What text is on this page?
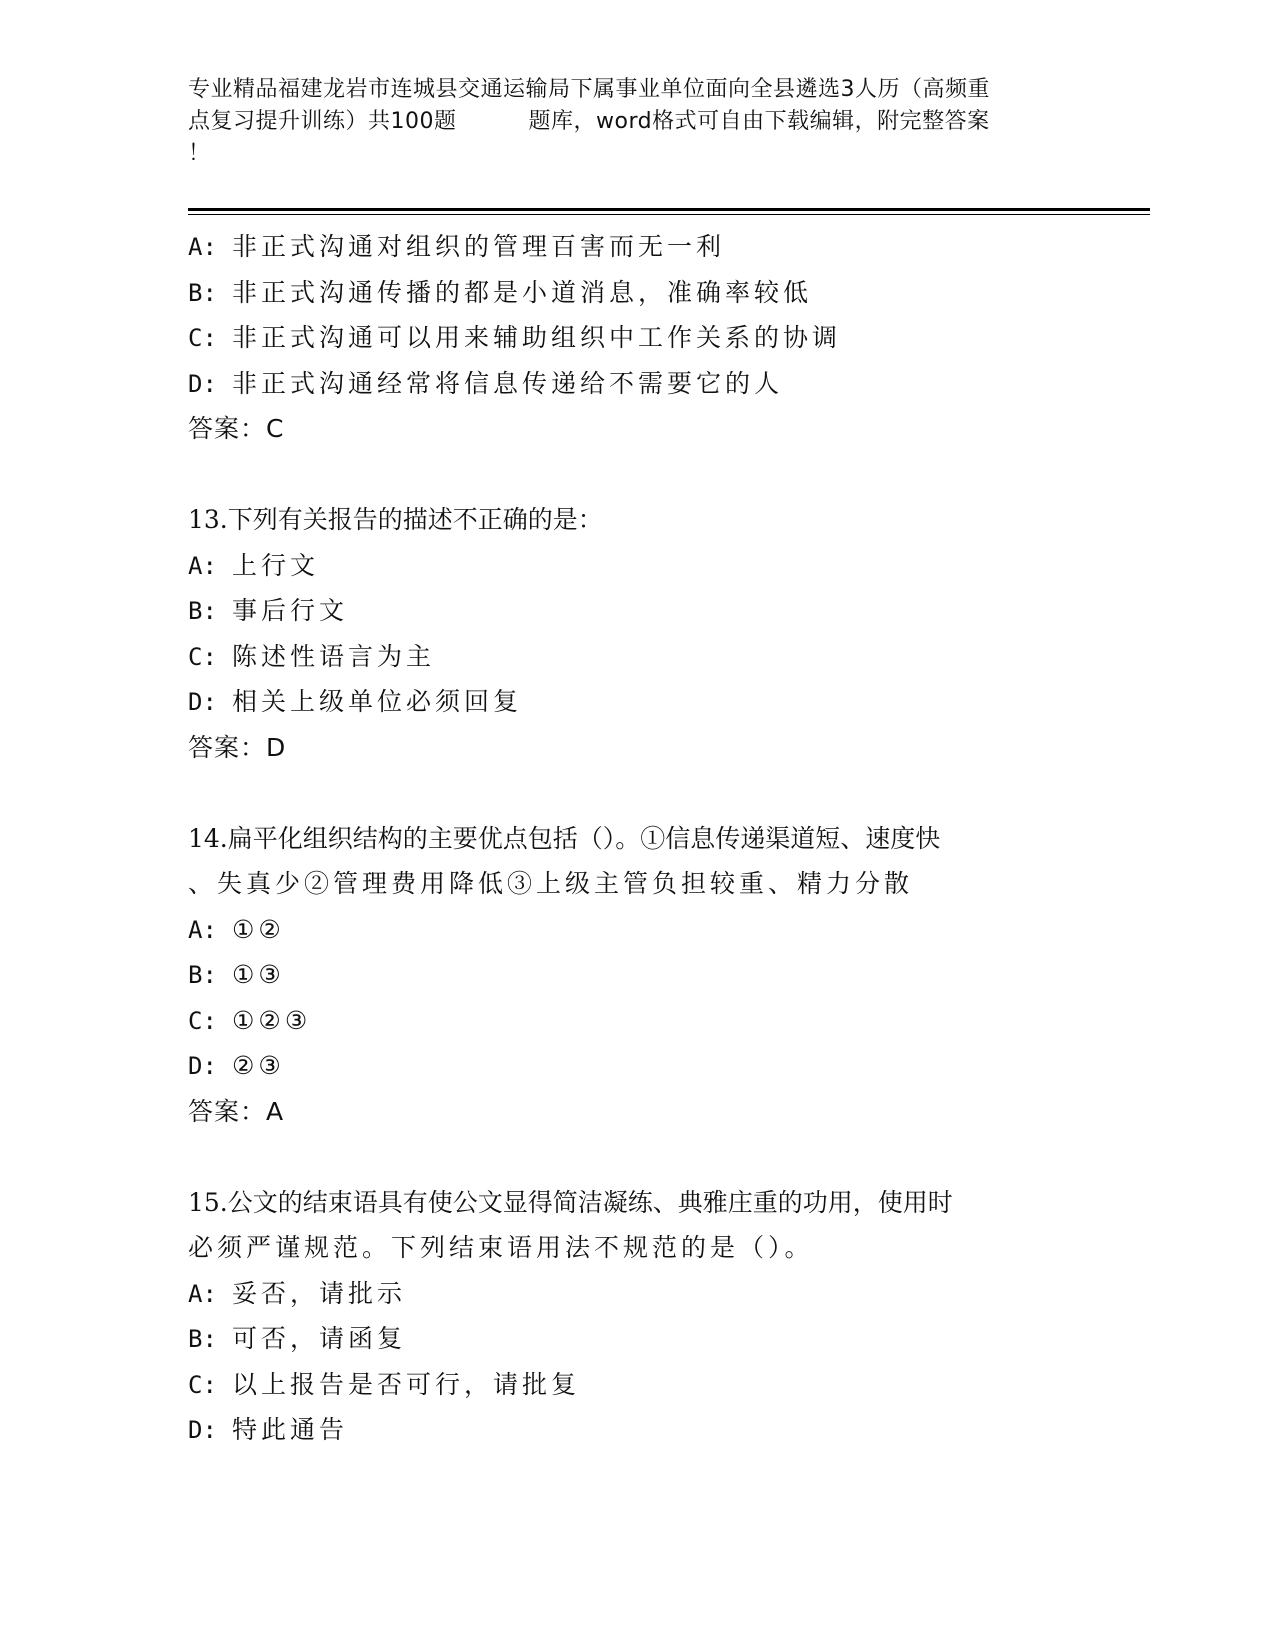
专业精品福建龙岩市连城县交通运输局下属事业单位面向全县遴选3人历（高频重
点复习提升训练）共100题	题库，word格式可自由下载编辑，附完整答案
！
A: 非正式沟通对组织的管理百害而无一利
B: 非正式沟通传播的都是小道消息，准确率较低
C: 非正式沟通可以用来辅助组织中工作关系的协调
D: 非正式沟通经常将信息传递给不需要它的人
答案：C
13.下列有关报告的描述不正确的是：
A: 上行文
B: 事后行文
C: 陈述性语言为主
D: 相关上级单位必须回复
答案：D
14.扁平化组织结构的主要优点包括（）。①信息传递渠道短、速度快
、失真少②管理费用降低③上级主管负担较重、精力分散
A: ①②
B: ①③
C: ①②③
D: ②③
答案：A
15.公文的结束语具有使公文显得简洁凝练、典雅庄重的功用，使用时
必须严谨规范。下列结束语用法不规范的是（）。
A: 妥否，请批示
B: 可否，请函复
C: 以上报告是否可行，请批复
D: 特此通告
